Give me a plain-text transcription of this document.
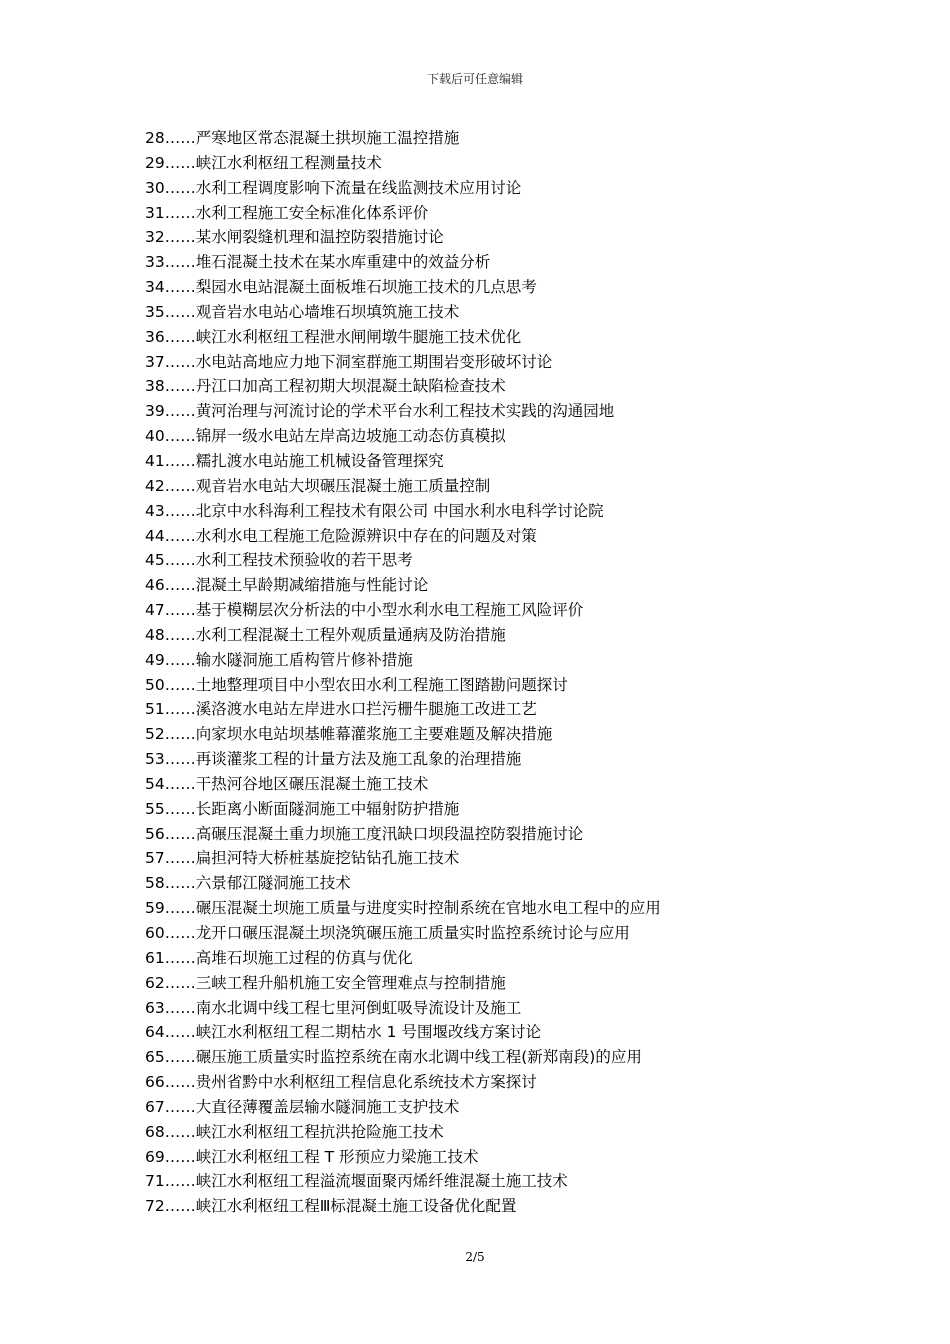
下载后可任意编辑
28……严寒地区常态混凝土拱坝施工温控措施
29……峡江水利枢纽工程测量技术
30……水利工程调度影响下流量在线监测技术应用讨论
31……水利工程施工安全标准化体系评价
32……某水闸裂缝机理和温控防裂措施讨论
33……堆石混凝土技术在某水库重建中的效益分析
34……梨园水电站混凝土面板堆石坝施工技术的几点思考
35……观音岩水电站心墙堆石坝填筑施工技术
36……峡江水利枢纽工程泄水闸闸墩牛腿施工技术优化
37……水电站高地应力地下洞室群施工期围岩变形破坏讨论
38……丹江口加高工程初期大坝混凝土缺陷检查技术
39……黄河治理与河流讨论的学术平台水利工程技术实践的沟通园地
40……锦屏一级水电站左岸高边坡施工动态仿真模拟
41……糯扎渡水电站施工机械设备管理探究
42……观音岩水电站大坝碾压混凝土施工质量控制
43……北京中水科海利工程技术有限公司 中国水利水电科学讨论院
44……水利水电工程施工危险源辨识中存在的问题及对策
45……水利工程技术预验收的若干思考
46……混凝土早龄期减缩措施与性能讨论
47……基于模糊层次分析法的中小型水利水电工程施工风险评价
48……水利工程混凝土工程外观质量通病及防治措施
49……输水隧洞施工盾构管片修补措施
50……土地整理项目中小型农田水利工程施工图踏勘问题探讨
51……溪洛渡水电站左岸进水口拦污栅牛腿施工改进工艺
52……向家坝水电站坝基帷幕灌浆施工主要难题及解决措施
53……再谈灌浆工程的计量方法及施工乱象的治理措施
54……干热河谷地区碾压混凝土施工技术
55……长距离小断面隧洞施工中辐射防护措施
56……高碾压混凝土重力坝施工度汛缺口坝段温控防裂措施讨论
57……扁担河特大桥桩基旋挖钻钻孔施工技术
58……六景郁江隧洞施工技术
59……碾压混凝土坝施工质量与进度实时控制系统在官地水电工程中的应用
60……龙开口碾压混凝土坝浇筑碾压施工质量实时监控系统讨论与应用
61……高堆石坝施工过程的仿真与优化
62……三峡工程升船机施工安全管理难点与控制措施
63……南水北调中线工程七里河倒虹吸导流设计及施工
64……峡江水利枢纽工程二期枯水 1 号围堰改线方案讨论
65……碾压施工质量实时监控系统在南水北调中线工程(新郑南段)的应用
66……贵州省黔中水利枢纽工程信息化系统技术方案探讨
67……大直径薄覆盖层输水隧洞施工支护技术
68……峡江水利枢纽工程抗洪抢险施工技术
69……峡江水利枢纽工程 T 形预应力梁施工技术
71……峡江水利枢纽工程溢流堰面聚丙烯纤维混凝土施工技术
72……峡江水利枢纽工程Ⅲ标混凝土施工设备优化配置
2/5
